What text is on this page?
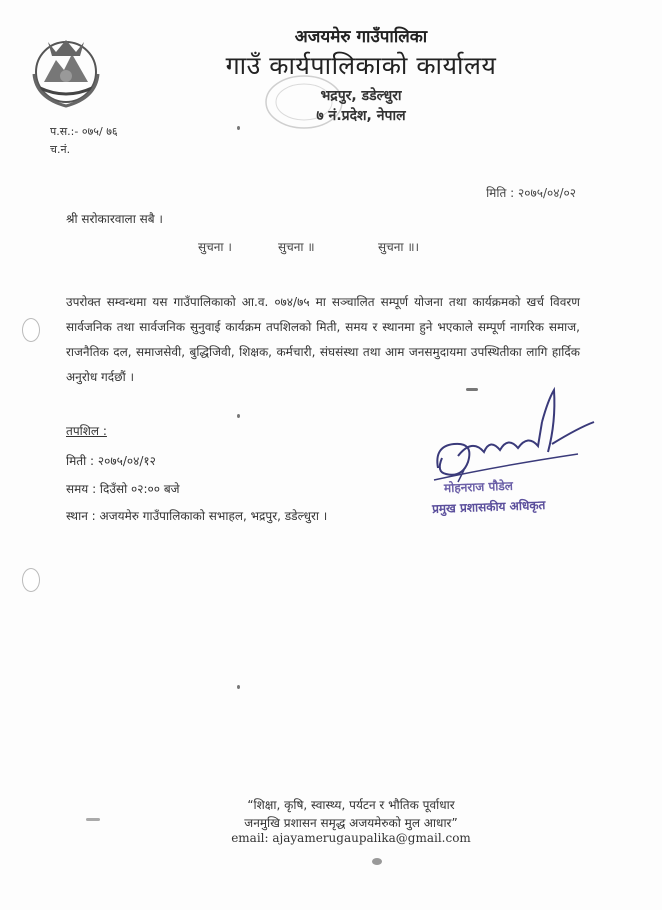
अजयमेरु गाउँपालिका
गाउँ कार्यपालिकाको कार्यालय
भद्रपुर, डडेल्धुरा
७ नं.प्रदेश, नेपाल
प.स.:- ०७५/ ७६
च.नं.
मिति : २०७५/०४/०२
श्री सरोकारवाला सबै ।
सुचना ।	सुचना ॥	सुचना ॥।
उपरोक्त सम्वन्धमा यस गाउँपालिकाको आ.व. ०७४/७५ मा सञ्चालित सम्पूर्ण योजना तथा कार्यक्रमको खर्च विवरण सार्वजनिक तथा सार्वजनिक सुनुवाई कार्यक्रम तपशिलको मिती, समय र स्थानमा हुने भएकाले सम्पूर्ण नागरिक समाज, राजनैतिक दल, समाजसेवी, बुद्धिजिवी, शिक्षक, कर्मचारी, संघसंस्था तथा आम जनसमुदायमा उपस्थितीका लागि हार्दिक अनुरोध गर्दछौं ।
तपशिल :
मिती : २०७५/०४/१२
समय : दिउँसो ०२:०० बजे
स्थान : अजयमेरु गाउँपालिकाको सभाहल, भद्रपुर, डडेल्धुरा ।
मोहनराज पौडेल
प्रमुख प्रशासकीय अधिकृत
“शिक्षा, कृषि, स्वास्थ्य, पर्यटन र भौतिक पूर्वाधार
जनमुखि प्रशासन समृद्ध अजयमेरुको मुल आधार”
email: ajayamerugaupalika@gmail.com
